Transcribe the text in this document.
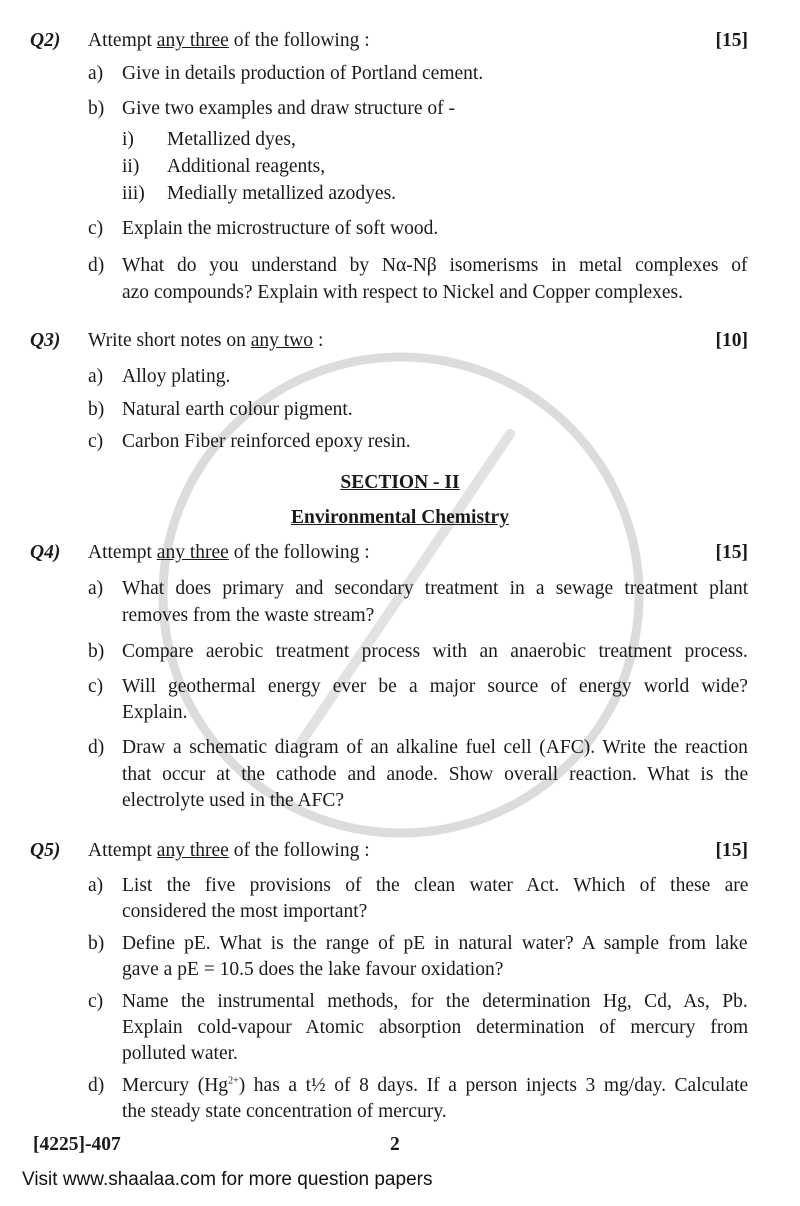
Q2) Attempt any three of the following :	[15]
a) Give in details production of Portland cement.
b) Give two examples and draw structure of -
i) Metallized dyes,
ii) Additional reagents,
iii) Medially metallized azodyes.
c) Explain the microstructure of soft wood.
d) What do you understand by Nα-Nβ isomerisms in metal complexes of
azo compounds? Explain with respect to Nickel and Copper complexes.
Q3) Write short notes on any two :	[10]
a) Alloy plating.
b) Natural earth colour pigment.
c) Carbon Fiber reinforced epoxy resin.
SECTION - II
Environmental Chemistry
Q4) Attempt any three of the following :	[15]
a) What does primary and secondary treatment in a sewage treatment plant
removes from the waste stream?
b) Compare aerobic treatment process with an anaerobic treatment process.
c) Will geothermal energy ever be a major source of energy world wide?
Explain.
d) Draw a schematic diagram of an alkaline fuel cell (AFC). Write the reaction
that occur at the cathode and anode. Show overall reaction. What is the
electrolyte used in the AFC?
Q5) Attempt any three of the following :	[15]
a) List the five provisions of the clean water Act. Which of these are
considered the most important?
b) Define pE. What is the range of pE in natural water? A sample from lake
gave a pE = 10.5 does the lake favour oxidation?
c) Name the instrumental methods, for the determination Hg, Cd, As, Pb.
Explain cold-vapour Atomic absorption determination of mercury from
polluted water.
d) Mercury $(Hg^{2+})$ has a t½ of 8 days. If a person injects 3 mg/day. Calculate
the steady state concentration of mercury.
[4225]-407	2
Visit www.shaalaa.com for more question papers
